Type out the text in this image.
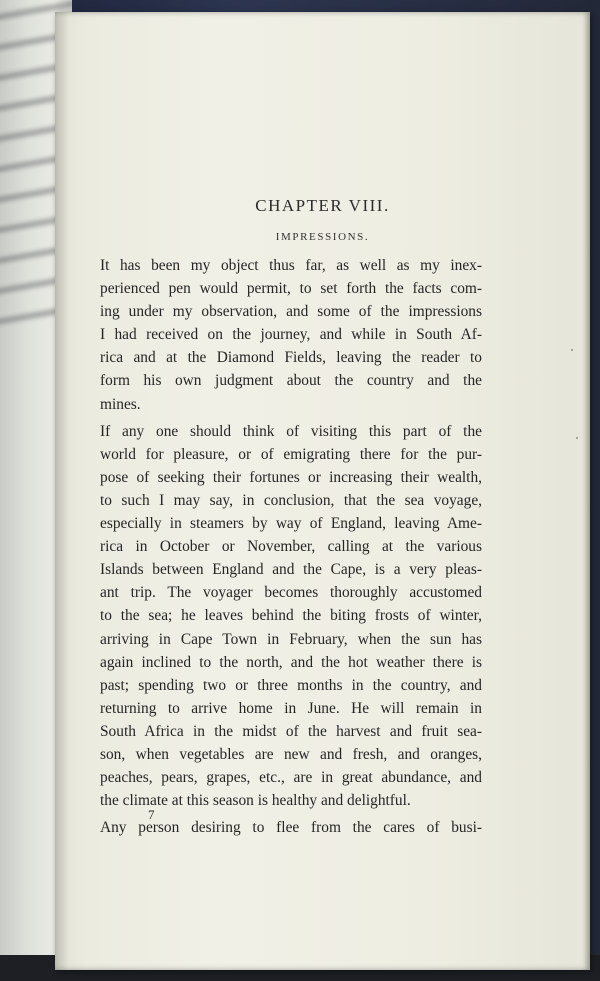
CHAPTER VIII.
IMPRESSIONS.
It has been my object thus far, as well as my inex-
perienced pen would permit, to set forth the facts com-
ing under my observation, and some of the impressions
I had received on the journey, and while in South Af-
rica and at the Diamond Fields, leaving the reader to
form his own judgment about the country and the
mines.
If any one should think of visiting this part of the
world for pleasure, or of emigrating there for the pur-
pose of seeking their fortunes or increasing their wealth,
to such I may say, in conclusion, that the sea voyage,
especially in steamers by way of England, leaving Ame-
rica in October or November, calling at the various
Islands between England and the Cape, is a very pleas-
ant trip. The voyager becomes thoroughly accustomed
to the sea; he leaves behind the biting frosts of winter,
arriving in Cape Town in February, when the sun has
again inclined to the north, and the hot weather there is
past; spending two or three months in the country, and
returning to arrive home in June. He will remain in
South Africa in the midst of the harvest and fruit sea-
son, when vegetables are new and fresh, and oranges,
peaches, pears, grapes, etc., are in great abundance, and
the climate at this season is healthy and delightful.
Any person desiring to flee from the cares of busi-
7
